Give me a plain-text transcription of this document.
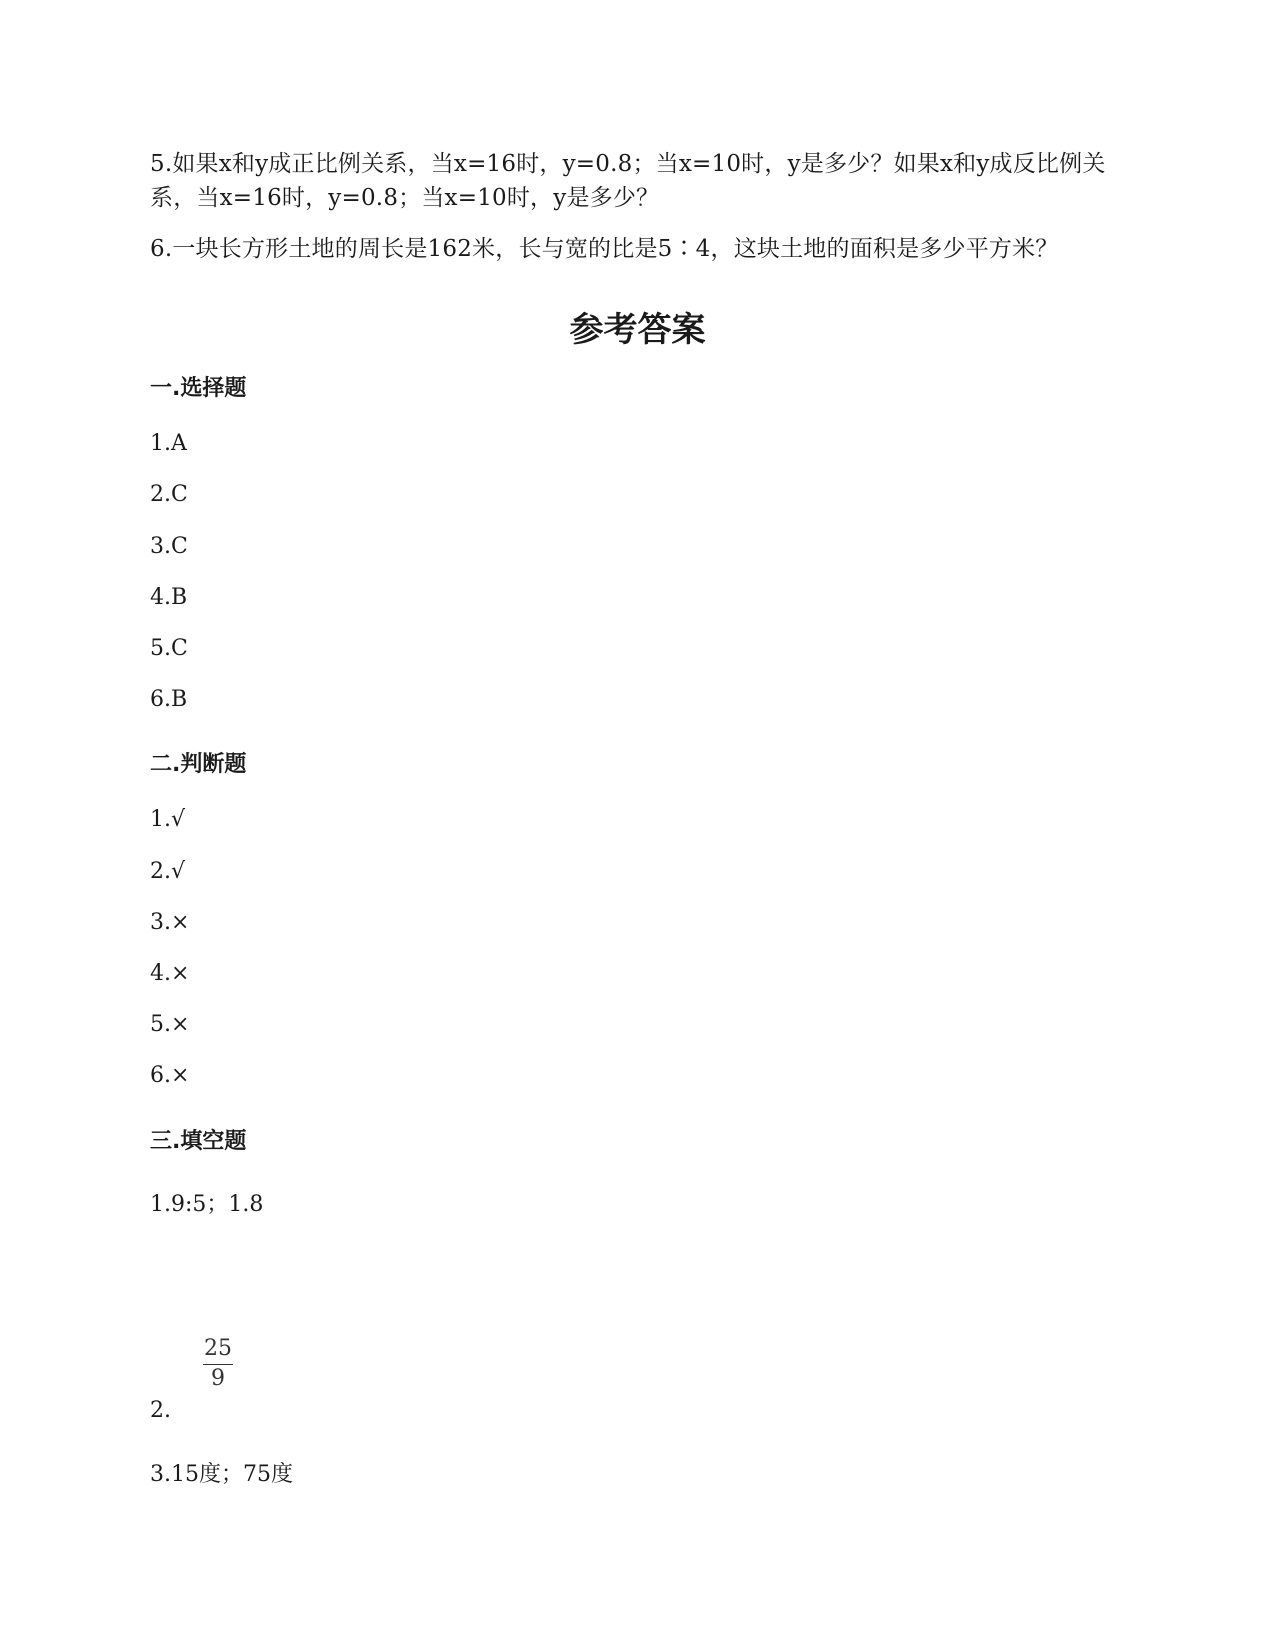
5.如果x和y成正比例关系，当x=16时，y=0.8；当x=10时，y是多少？如果x和y成反比例关系，当x=16时，y=0.8；当x=10时，y是多少？
6.一块长方形土地的周长是162米，长与宽的比是5∶4，这块土地的面积是多少平方米？
参考答案
一.选择题
1.A
2.C
3.C
4.B
5.C
6.B
二.判断题
1.√
2.√
3.×
4.×
5.×
6.×
三.填空题
1.9:5；1.8
25
9
2.
3.15度；75度
